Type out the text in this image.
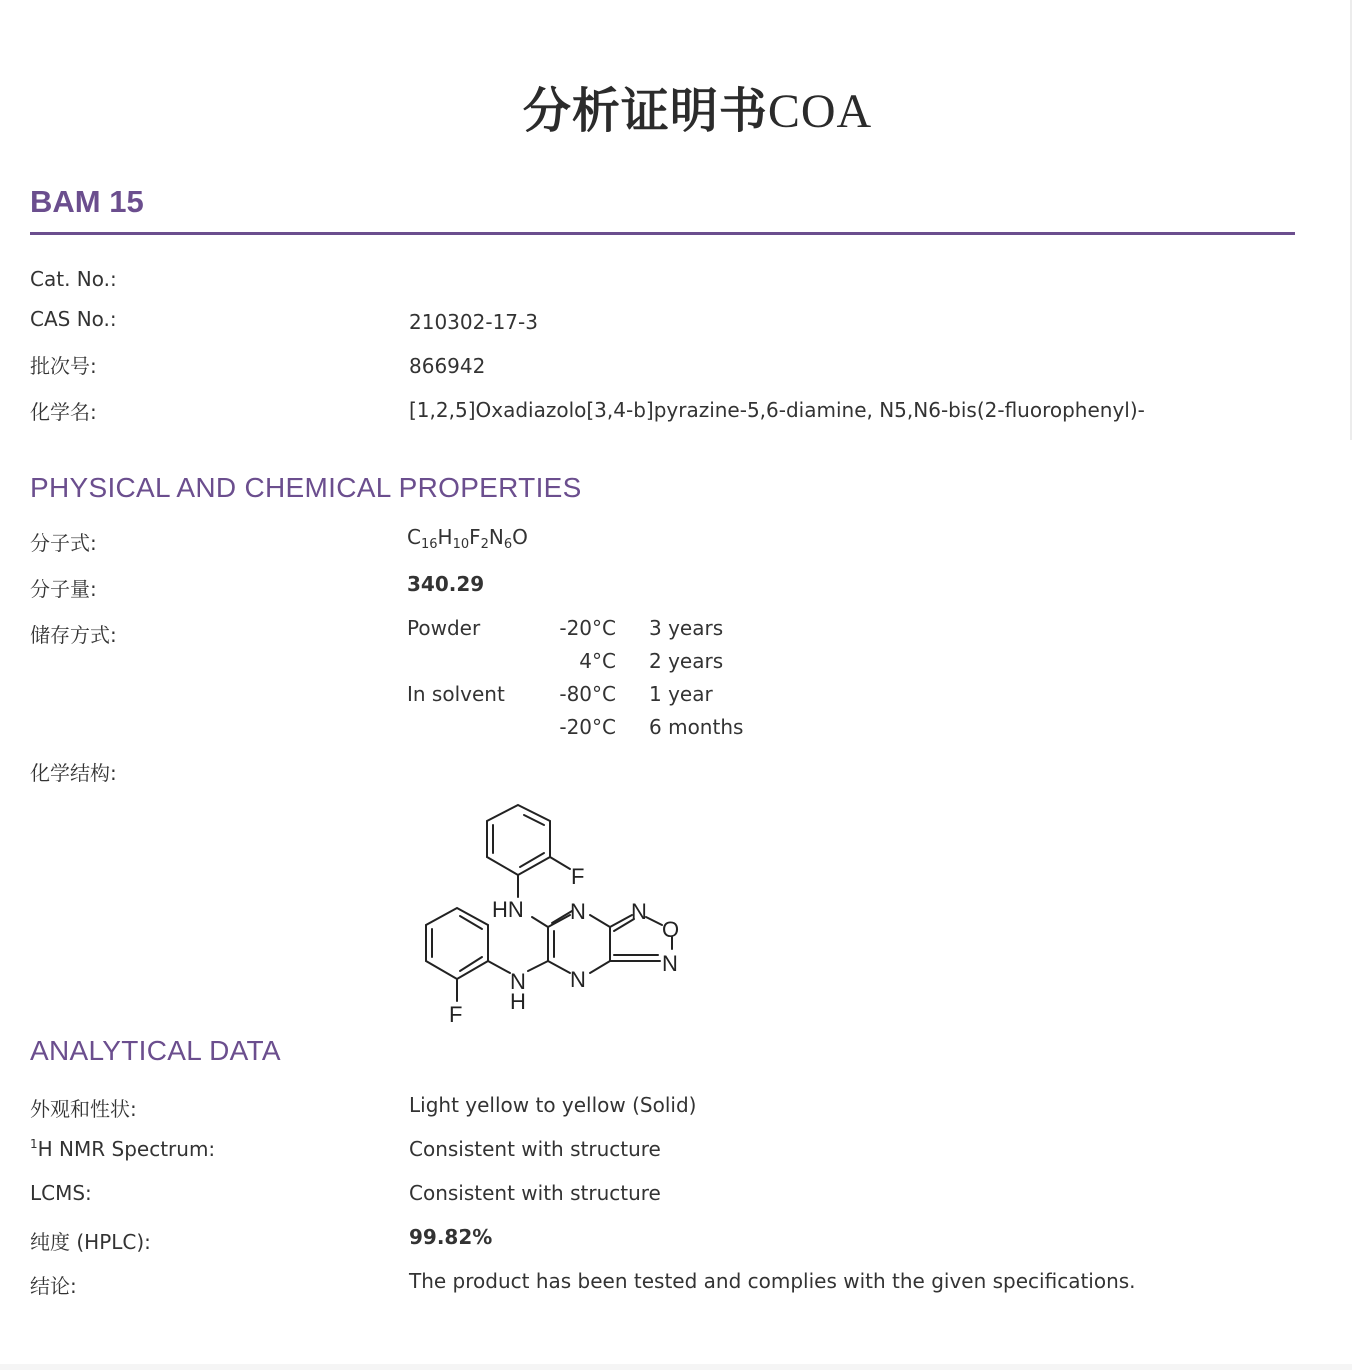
分析证明书COA
BAM 15
Cat. No.:
CAS No.:	210302-17-3
批次号:	866942
化学名:	[1,2,5]Oxadiazolo[3,4-b]pyrazine-5,6-diamine, N5,N6-bis(2-fluorophenyl)-
PHYSICAL AND CHEMICAL PROPERTIES
分子式:	$C_{16}H_{10}F_2N_6O$
分子量:	340.29
储存方式:	Powder	-20°C 3 years
4°C 2 years
In solvent	-80°C 1 year
-20°C 6 months
化学结构:
F
HN N N
O
N
N
H
N
F
ANALYTICAL DATA
外观和性状:	Light yellow to yellow (Solid)
$^1$H NMR Spectrum:	Consistent with structure
LCMS:	Consistent with structure
纯度 (HPLC):	99.82%
结论:	The product has been tested and complies with the given specifications.
